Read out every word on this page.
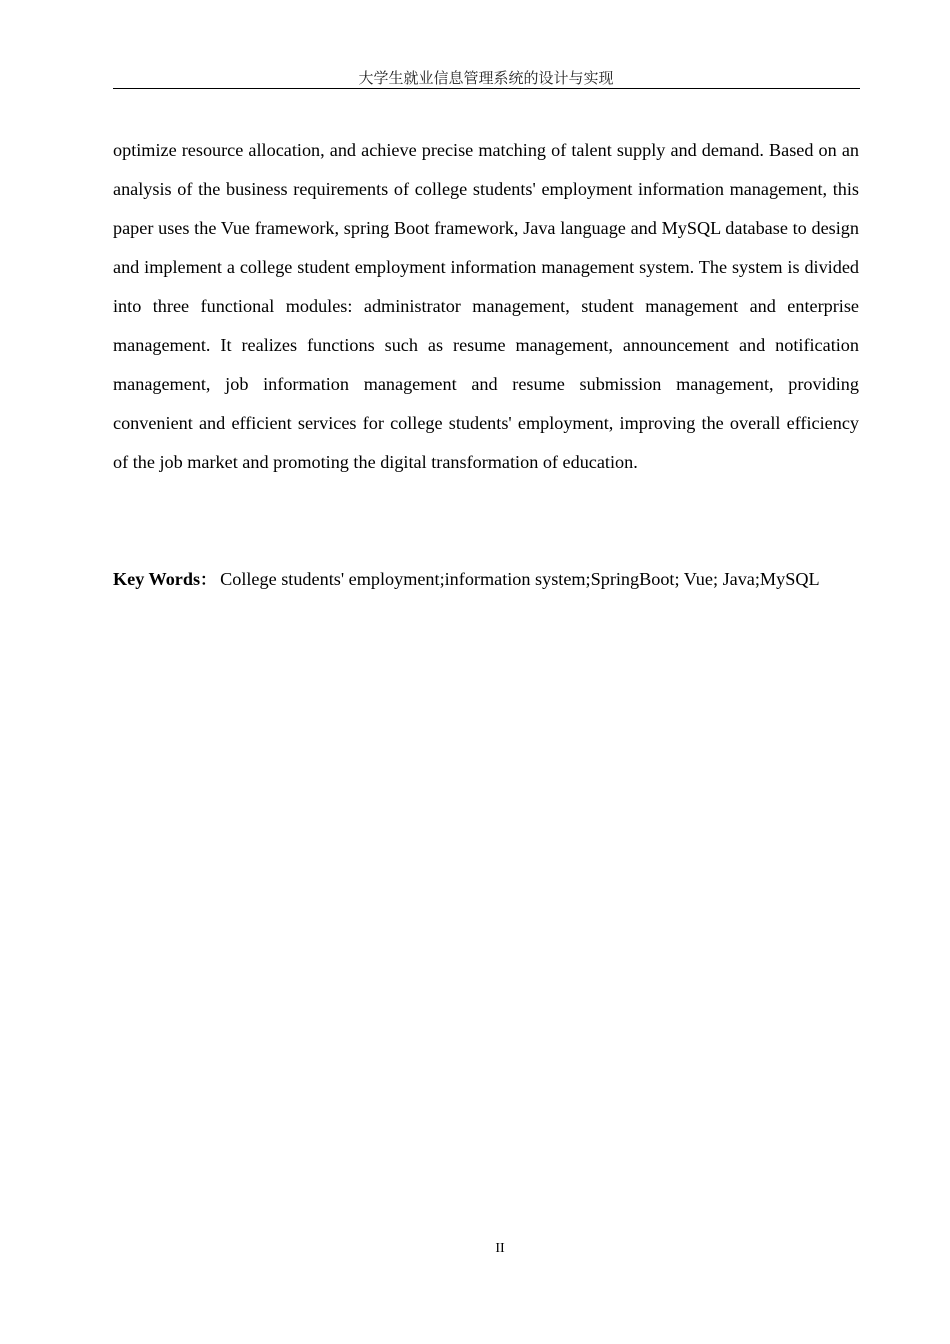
大学生就业信息管理系统的设计与实现

optimize resource allocation, and achieve precise matching of talent supply and demand. Based on an analysis of the business requirements of college students' employment information management, this paper uses the Vue framework, spring Boot framework, Java language and MySQL database to design and implement a college student employment information management system. The system is divided into three functional modules: administrator management, student management and enterprise management. It realizes functions such as resume management, announcement and notification management, job information management and resume submission management, providing convenient and efficient services for college students' employment, improving the overall efficiency of the job market and promoting the digital transformation of education.

Key Words： College students' employment;information system;SpringBoot; Vue; Java;MySQL

II
